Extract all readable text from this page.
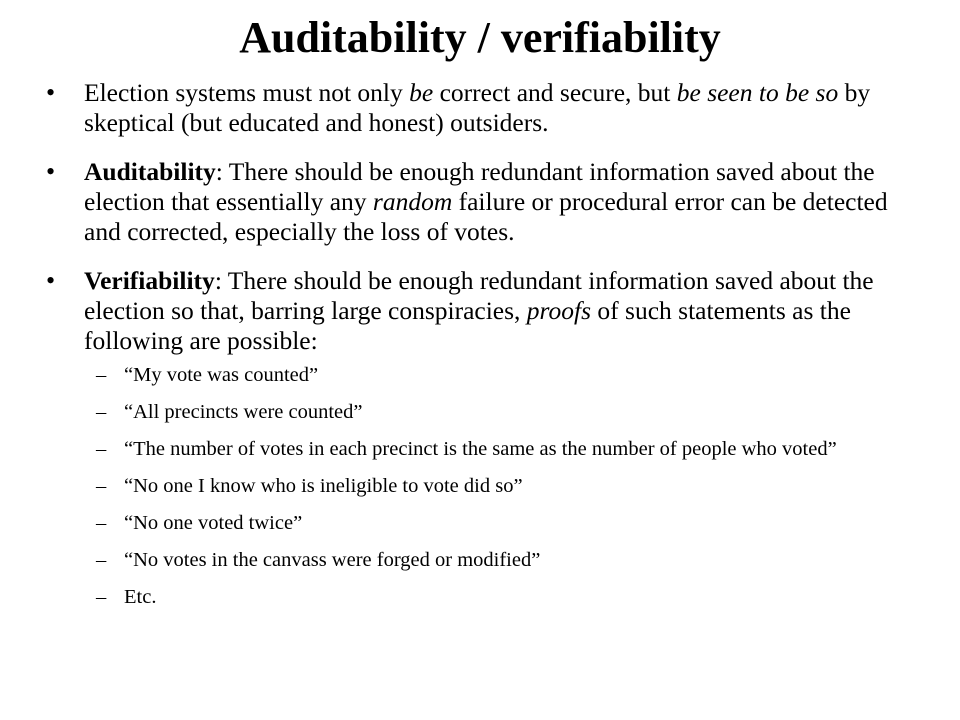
Auditability / verifiability
• Election systems must not only be correct and secure, but be seen to be so by skeptical (but educated and honest) outsiders.
• Auditability: There should be enough redundant information saved about the election that essentially any random failure or procedural error can be detected and corrected, especially the loss of votes.
• Verifiability: There should be enough redundant information saved about the election so that, barring large conspiracies, proofs of such statements as the following are possible:
– “My vote was counted”
– “All precincts were counted”
– “The number of votes in each precinct is the same as the number of people who voted”
– “No one I know who is ineligible to vote did so”
– “No one voted twice”
– “No votes in the canvass were forged or modified”
– Etc.
